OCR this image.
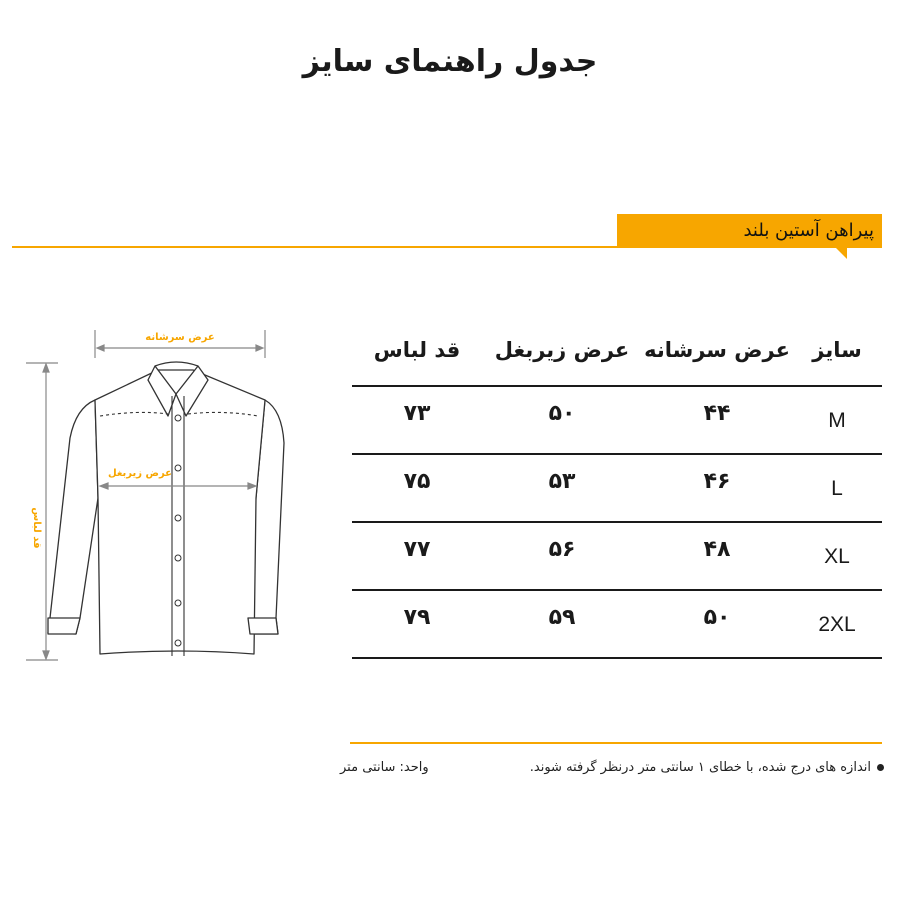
جدول راهنمای سایز
پیراهن آستین بلند
عرض سرشانه
قد لباس
عرض زیربغل
سایز
عرض سرشانه
عرض زیربغل
قد لباس
M
۴۴
۵۰
۷۳
L
۴۶
۵۳
۷۵
XL
۴۸
۵۶
۷۷
2XL
۵۰
۵۹
۷۹
اندازه های درج شده، با خطای ۱ سانتی متر درنظر گرفته شوند.
واحد: سانتی متر
